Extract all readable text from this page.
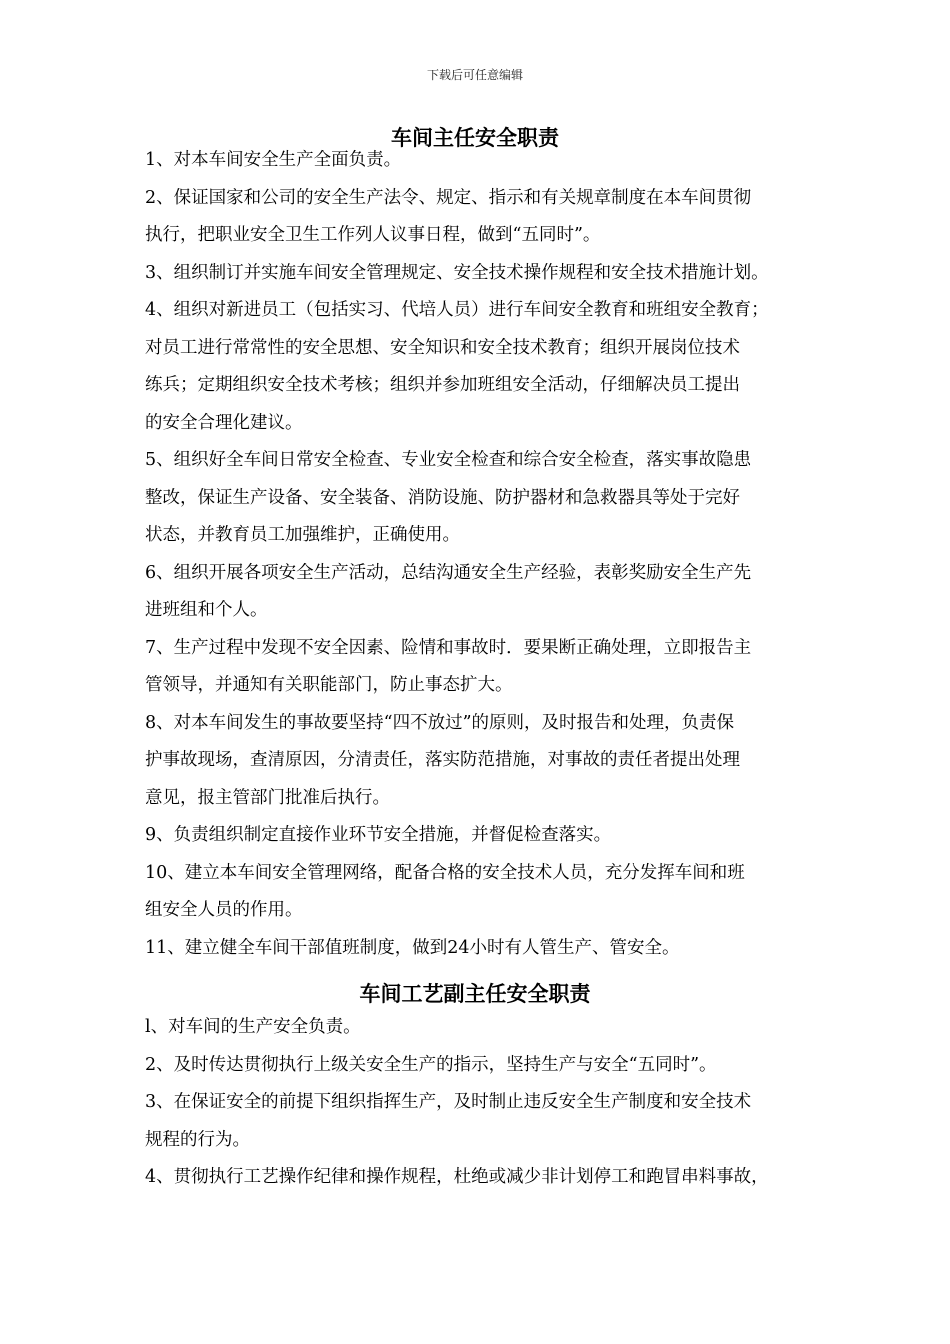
下载后可任意编辑
车间主任安全职责
1、对本车间安全生产全面负责。
2、保证国家和公司的安全生产法令、规定、指示和有关规章制度在本车间贯彻
执行，把职业安全卫生工作列人议事日程，做到“五同时”。
3、组织制订并实施车间安全管理规定、安全技术操作规程和安全技术措施计划。
4、组织对新进员工（包括实习、代培人员）进行车间安全教育和班组安全教育；
对员工进行常常性的安全思想、安全知识和安全技术教育；组织开展岗位技术
练兵；定期组织安全技术考核；组织并参加班组安全活动，仔细解决员工提出
的安全合理化建议。
5、组织好全车间日常安全检查、专业安全检查和综合安全检查，落实事故隐患
整改，保证生产设备、安全装备、消防设施、防护器材和急救器具等处于完好
状态，并教育员工加强维护，正确使用。
6、组织开展各项安全生产活动，总结沟通安全生产经验，表彰奖励安全生产先
进班组和个人。
7、生产过程中发现不安全因素、险情和事故时．要果断正确处理，立即报告主
管领导，并通知有关职能部门，防止事态扩大。
8、对本车间发生的事故要坚持“四不放过”的原则，及时报告和处理，负责保
护事故现场，查清原因，分清责任，落实防范措施，对事故的责任者提出处理
意见，报主管部门批准后执行。
9、负责组织制定直接作业环节安全措施，并督促检查落实。
10、建立本车间安全管理网络，配备合格的安全技术人员，充分发挥车间和班
组安全人员的作用。
11、建立健全车间干部值班制度，做到24小时有人管生产、管安全。
车间工艺副主任安全职责
l、对车间的生产安全负责。
2、及时传达贯彻执行上级关安全生产的指示，坚持生产与安全“五同时”。
3、在保证安全的前提下组织指挥生产，及时制止违反安全生产制度和安全技术
规程的行为。
4、贯彻执行工艺操作纪律和操作规程，杜绝或减少非计划停工和跑冒串料事故，
